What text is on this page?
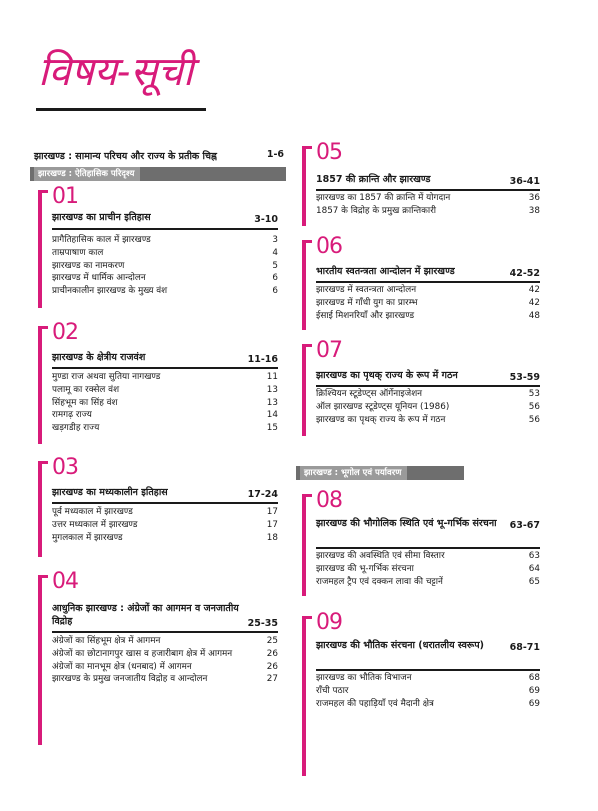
विषय-सूची
झारखण्ड : सामान्य परिचय और राज्य के प्रतीक चिह्न	1-6
झारखण्ड : ऐतिहासिक परिदृश्य
झारखण्ड : भूगोल एवं पर्यावरण
01
झारखण्ड का प्राचीन इतिहास	3-10
प्रागैतिहासिक काल में झारखण्ड	3
ताम्रपाषाण काल	4
झारखण्ड का नामकरण	5
झारखण्ड में धार्मिक आन्दोलन	6
प्राचीनकालीन झारखण्ड के मुख्य वंश	6
02
झारखण्ड के क्षेत्रीय राजवंश	11-16
मुण्डा राज अथवा सुतिया नागखण्ड	11
पलामू का रक्सेल वंश	13
सिंहभूम का सिंह वंश	13
रामगढ़ राज्य	14
खड़गडीह राज्य	15
03
झारखण्ड का मध्यकालीन इतिहास	17-24
पूर्व मध्यकाल में झारखण्ड	17
उत्तर मध्यकाल में झारखण्ड	17
मुगलकाल में झारखण्ड	18
04
आधुनिक झारखण्ड : अंग्रेजों का आगमन व जनजातीय विद्रोह	25-35
अंग्रेजों का सिंहभूम क्षेत्र में आगमन	25
अंग्रेजों का छोटानागपुर खास व हजारीबाग क्षेत्र में आगमन	26
अंग्रेजों का मानभूम क्षेत्र (धनबाद) में आगमन	26
झारखण्ड के प्रमुख जनजातीय विद्रोह व आन्दोलन	27
05
1857 की क्रान्ति और झारखण्ड	36-41
झारखण्ड का 1857 की क्रान्ति में योगदान	36
1857 के विद्रोह के प्रमुख क्रान्तिकारी	38
06
भारतीय स्वतन्त्रता आन्दोलन में झारखण्ड	42-52
झारखण्ड में स्वतन्त्रता आन्दोलन	42
झारखण्ड में गाँधी युग का प्रारम्भ	42
ईसाई मिशनरियाँ और झारखण्ड	48
07
झारखण्ड का पृथक् राज्य के रूप में गठन	53-59
क्रिश्चियन स्टूडेण्ट्स ऑर्गेनाइजेशन	53
ऑल झारखण्ड स्टूडेण्ट्स यूनियन (1986)	56
झारखण्ड का पृथक् राज्य के रूप में गठन	56
08
झारखण्ड की भौगोलिक स्थिति एवं भू-गर्भिक संरचना 63-67
झारखण्ड की अवस्थिति एवं सीमा विस्तार	63
झारखण्ड की भू-गर्भिक संरचना	64
राजमहल ट्रैप एवं दक्कन लावा की चट्टानें	65
09
झारखण्ड की भौतिक संरचना (धरातलीय स्वरूप)	68-71
झारखण्ड का भौतिक विभाजन	68
राँची पठार	69
राजमहल की पहाड़ियाँ एवं मैदानी क्षेत्र	69
